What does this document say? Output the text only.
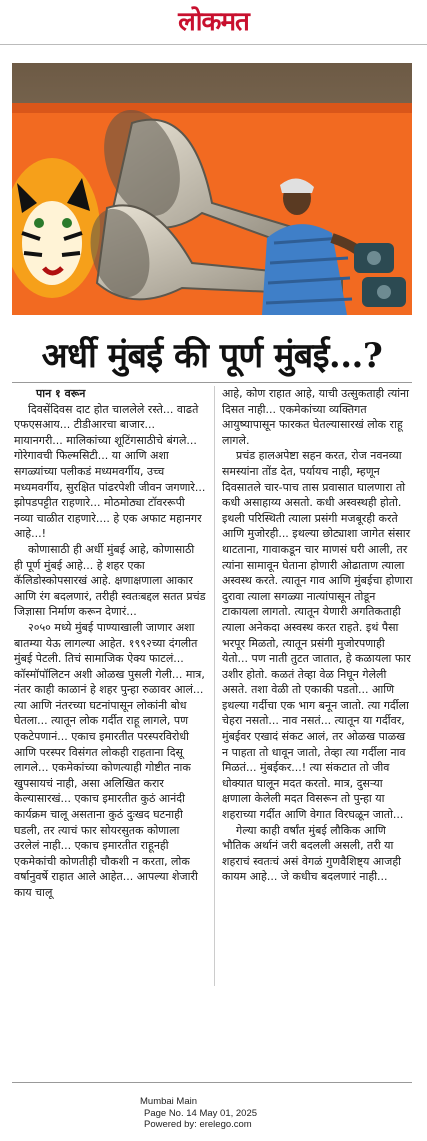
लोकमत
अर्धी मुंबई की पूर्ण मुंबई...?

पान १ वरून

दिवसेंदिवस दाट होत चाललेले रस्ते... वाढते एफएसआय... टीडीआरचा बाजार... मायानगरी... मालिकांच्या शूटिंगसाठीचे बंगले... गोरेगावची फिल्मसिटी... या आणि अशा सगळ्यांच्या पलीकडं मध्यमवर्गीय, उच्च मध्यमवर्गीय, सुरक्षित पांढरपेशी जीवन जगणारे... झोपडपट्टीत राहणारे... मोठमोठ्या टॉवररूपी नव्या चाळीत राहणारे.... हे एक अफाट महानगर आहे...!

कोणासाठी ही अर्धी मुंबई आहे, कोणासाठी ही पूर्ण मुंबई आहे... हे शहर एका कॅलिडोस्कोपसारखं आहे. क्षणाक्षणाला आकार आणि रंग बदलणारं, तरीही स्वतःबद्दल सतत प्रचंड जिज्ञासा निर्माण करून देणारं...

२०५० मध्ये मुंबई पाण्याखाली जाणार अशा बातम्या येऊ लागल्या आहेत. १९९२च्या दंगलीत मुंबई पेटली. तिचं सामाजिक ऐक्य फाटलं... कॉस्मॉपॉलिटन अशी ओळख पुसली गेली... मात्र, नंतर काही काळानं हे शहर पुन्हा रुळावर आलं... त्या आणि नंतरच्या घटनांपासून लोकांनी बोध घेतला... त्यातून लोक गर्दीत राहू लागले, पण एकटेपणानं... एकाच इमारतीत परस्परविरोधी आणि परस्पर विसंगत लोकही राहताना दिसू लागले... एकमेकांच्या कोणत्याही गोष्टीत नाक खुपसायचं नाही, असा अलिखित करार केल्यासारखं... एकाच इमारतीत कुठं आनंदी कार्यक्रम चालू असताना कुठं दुःखद घटनाही घडली, तर त्याचं फार सोयरसुतक कोणाला उरलेलं नाही... एकाच इमारतीत राहूनही एकमेकांची कोणतीही चौकशी न करता, लोक वर्षानुवर्षे राहात आले आहेत... आपल्या शेजारी काय चालू

आहे, कोण राहात आहे, याची उत्सुकताही त्यांना दिसत नाही... एकमेकांच्या व्यक्तिगत आयुष्यापासून फारकत घेतल्यासारखं लोक राहू लागले.

प्रचंड हालअपेष्टा सहन करत, रोज नवनव्या समस्यांना तोंड देत, पर्यायच नाही, म्हणून दिवसातले चार-पाच तास प्रवासात घालणारा तो कधी असाहाय्य असतो. कधी अस्वस्थही होतो. इथली परिस्थिती त्याला प्रसंगी मजबूरही करते आणि मुजोरही... इथल्या छोट्याशा जागेत संसार थाटताना, गावाकडून चार माणसं घरी आली, तर त्यांना सामावून घेताना होणारी ओढाताण त्याला अस्वस्थ करते. त्यातून गाव आणि मुंबईचा होणारा दुरावा त्याला सगळ्या नात्यांपासून तोडून टाकायला लागतो. त्यातून येणारी अगतिकताही त्याला अनेकदा अस्वस्थ करत राहते. इथं पैसा भरपूर मिळतो, त्यातून प्रसंगी मुजोरपणाही येतो... पण नाती तुटत जातात, हे कळायला फार उशीर होतो. कळतं तेव्हा वेळ निघून गेलेली असते. तशा वेळी तो एकाकी पडतो... आणि इथल्या गर्दीचा एक भाग बनून जातो. त्या गर्दीला चेहरा नसतो... नाव नसतं... त्यातून या गर्दीवर, मुंबईवर एखादं संकट आलं, तर ओळख पाळख न पाहता तो धावून जातो, तेव्हा त्या गर्दीला नाव मिळतं... मुंबईकर...! त्या संकटात तो जीव धोक्यात घालून मदत करतो. मात्र, दुसऱ्या क्षणाला केलेली मदत विसरून तो पुन्हा या शहराच्या गर्दीत आणि वेगात विरघळून जातो...

गेल्या काही वर्षांत मुंबई लौकिक आणि भौतिक अर्थानं जरी बदलली असली, तरी या शहराचं स्वतःचं असं वेगळं गुणवैशिष्ट्य आजही कायम आहे... जे कधीच बदलणारं नाही...

Mumbai Main
Page No. 14 May 01, 2025
Powered by: erelego.com
